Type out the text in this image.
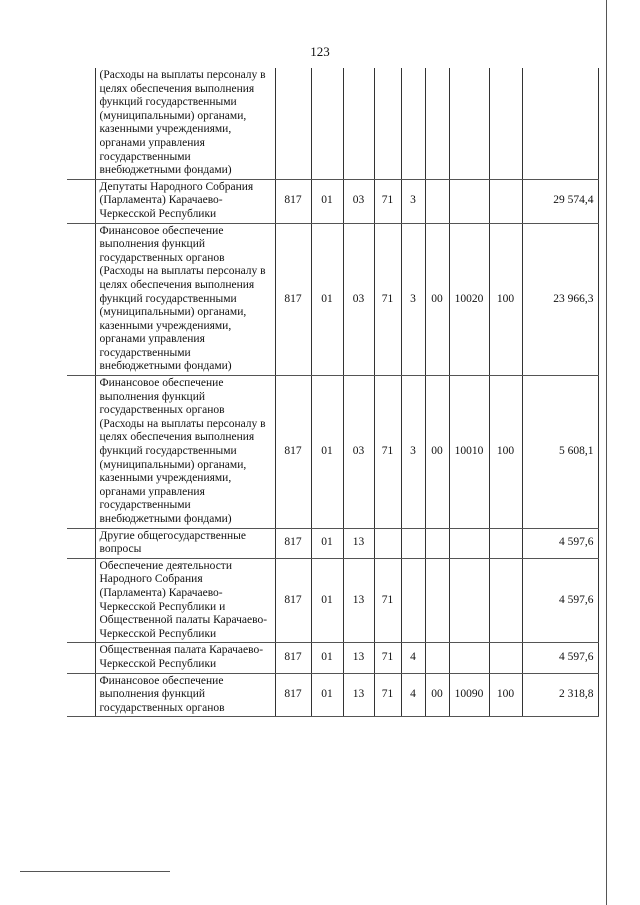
123
	(Расходы на выплаты персоналу в целях обеспечения выполнения функций государственными (муниципальными) органами, казенными учреждениями, органами управления государственными внебюджетными фондами)									
	Депутаты Народного Собрания (Парламента) Карачаево-Черкесской Республики	817	01	03	71	3				29 574,4
	Финансовое обеспечение выполнения функций государственных органов (Расходы на выплаты персоналу в целях обеспечения выполнения функций государственными (муниципальными) органами, казенными учреждениями, органами управления государственными внебюджетными фондами)	817	01	03	71	3	00	10020	100	23 966,3
	Финансовое обеспечение выполнения функций государственных органов (Расходы на выплаты персоналу в целях обеспечения выполнения функций государственными (муниципальными) органами, казенными учреждениями, органами управления государственными внебюджетными фондами)	817	01	03	71	3	00	10010	100	5 608,1
	Другие общегосударственные вопросы	817	01	13						4 597,6
	Обеспечение деятельности Народного Собрания (Парламента) Карачаево-Черкесской Республики и Общественной палаты Карачаево-Черкесской Республики	817	01	13	71					4 597,6
	Общественная палата Карачаево-Черкесской Республики	817	01	13	71	4				4 597,6
	Финансовое обеспечение выполнения функций государственных органов	817	01	13	71	4	00	10090	100	2 318,8
